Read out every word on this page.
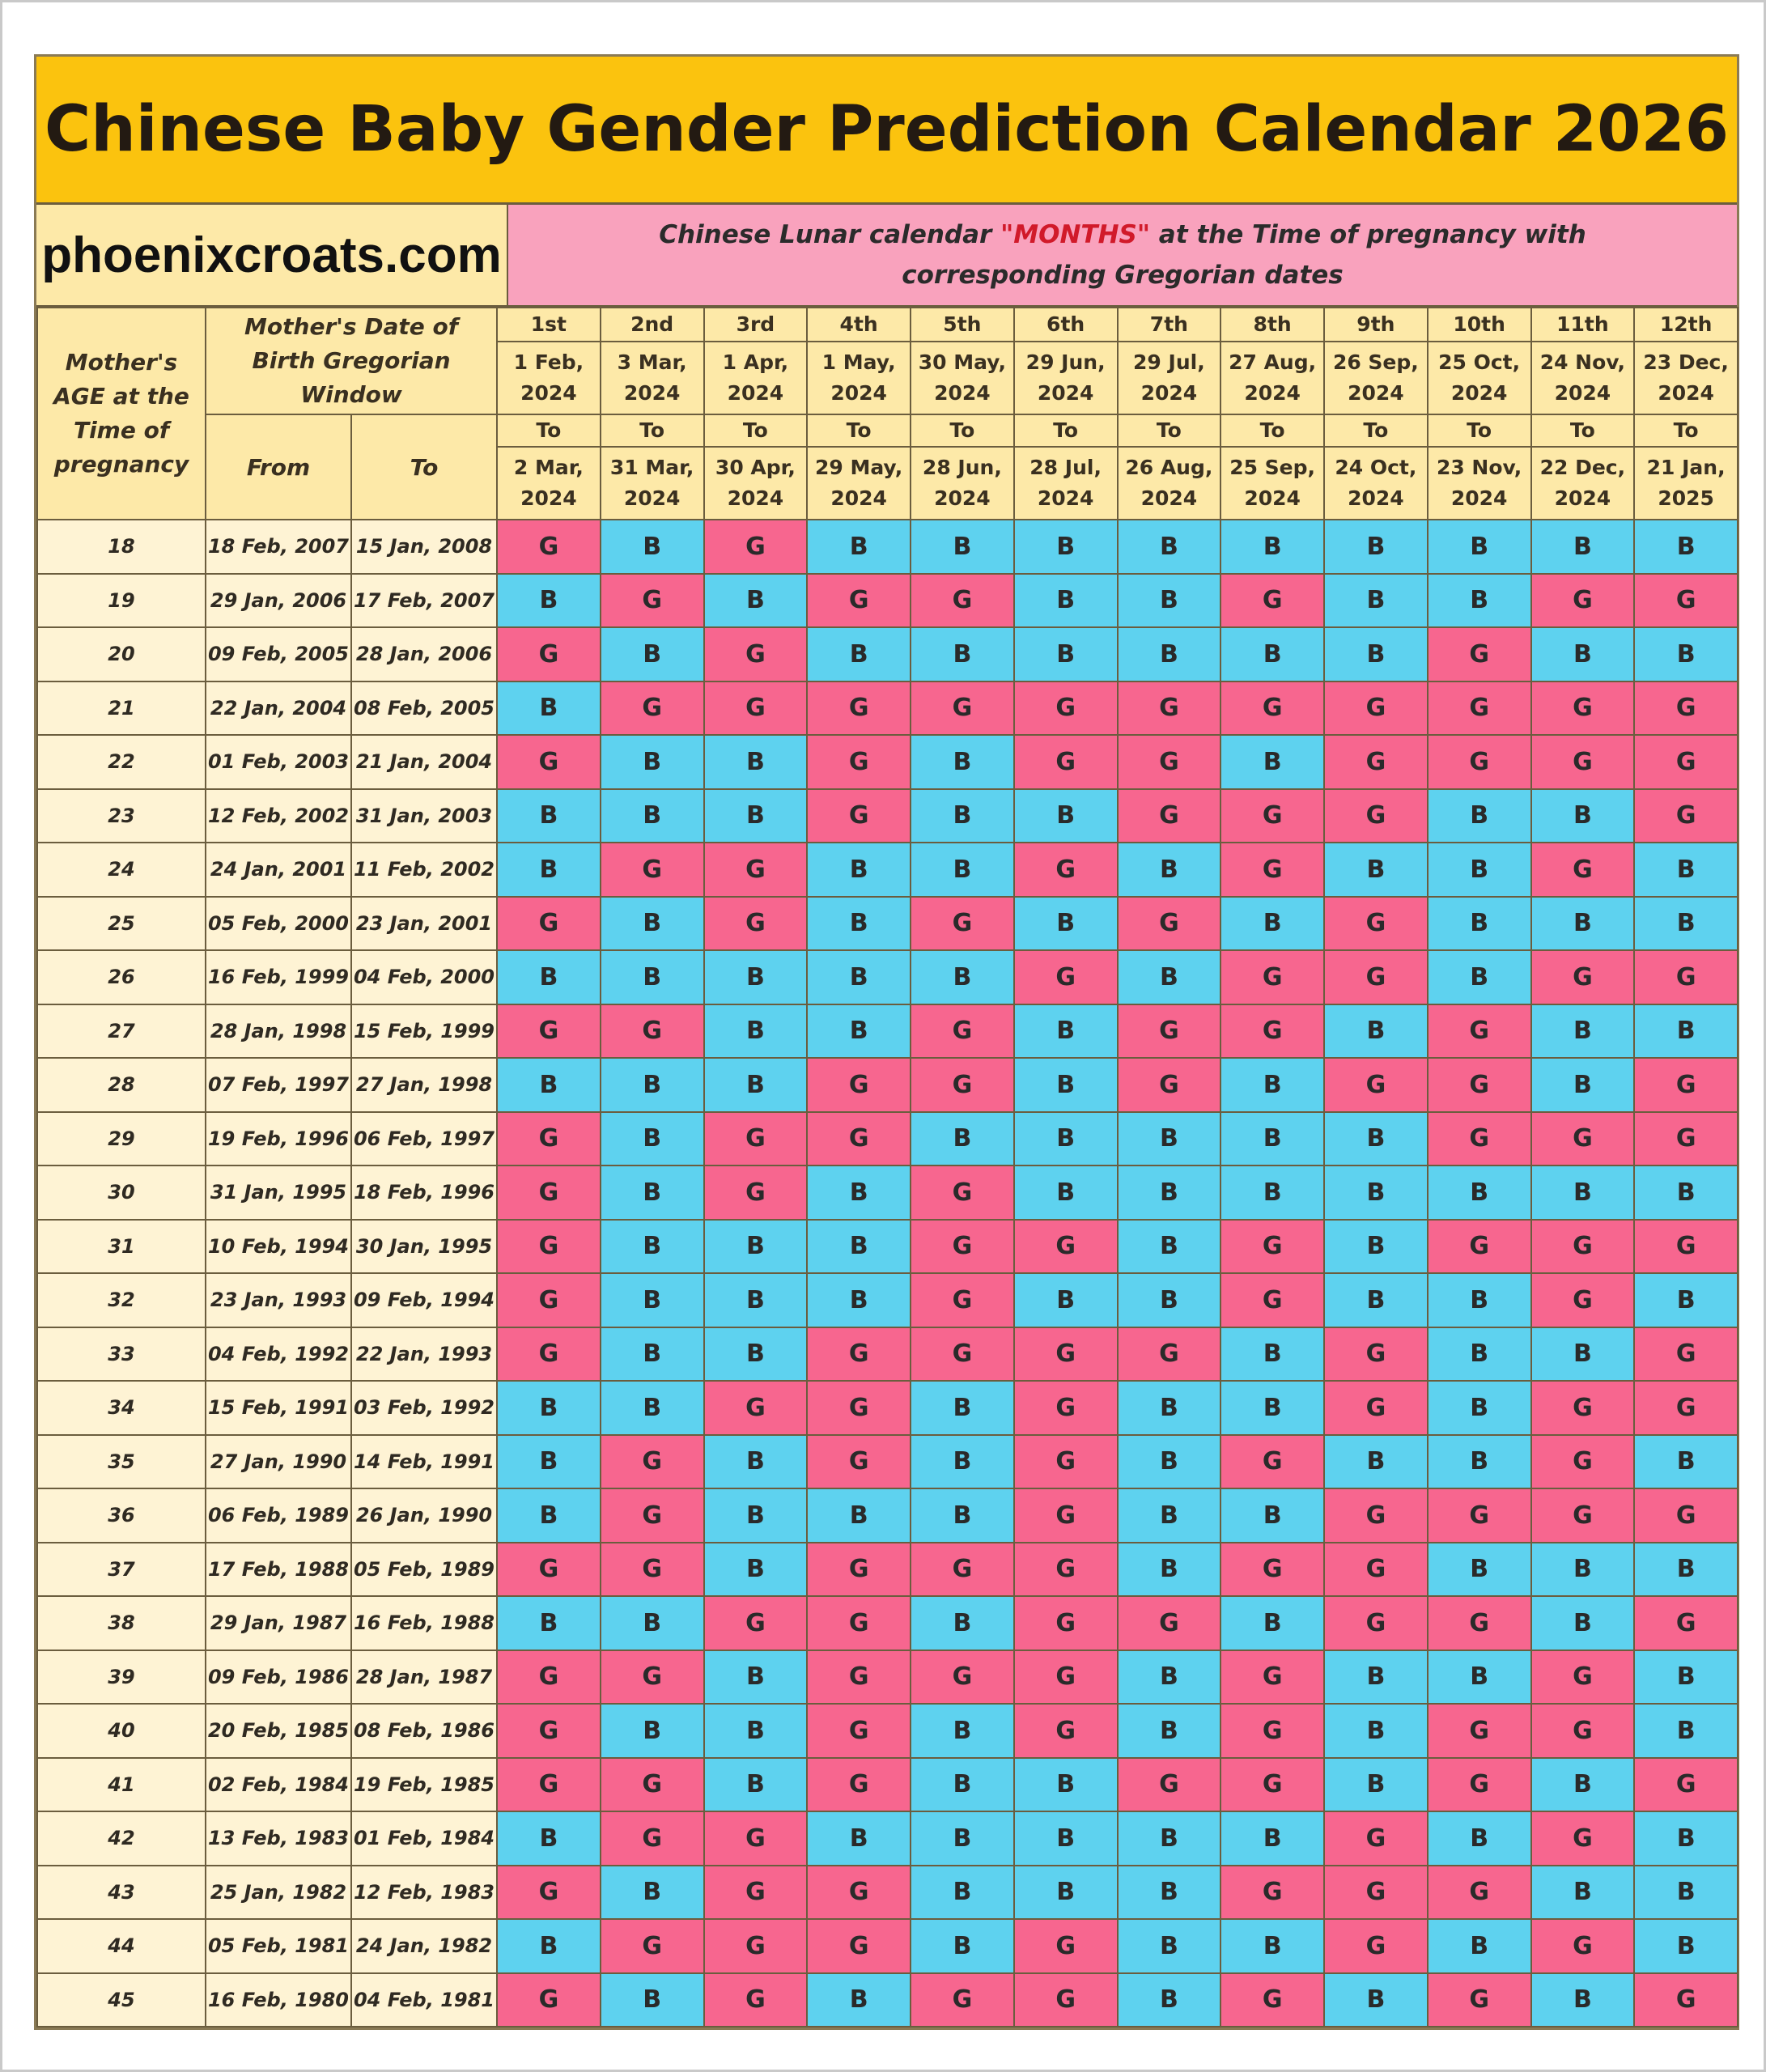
Chinese Baby Gender Prediction Calendar 2026
phoenixcroats.com	Chinese Lunar calendar "MONTHS" at the Time of pregnancy with
corresponding Gregorian dates
Mother's AGE at the Time of pregnancy	Mother's Date of Birth Gregorian Window		1st	2nd	3rd	4th	5th	6th	7th	8th	9th	10th	11th	12th
			1 Feb, 2024	3 Mar, 2024	1 Apr, 2024	1 May, 2024	30 May, 2024	29 Jun, 2024	29 Jul, 2024	27 Aug, 2024	26 Sep, 2024	25 Oct, 2024	24 Nov, 2024	23 Dec, 2024
	From	To	To	To	To	To	To	To	To	To	To	To	To	To
			2 Mar, 2024	31 Mar, 2024	30 Apr, 2024	29 May, 2024	28 Jun, 2024	28 Jul, 2024	26 Aug, 2024	25 Sep, 2024	24 Oct, 2024	23 Nov, 2024	22 Dec, 2024	21 Jan, 2025
18	18 Feb, 2007	15 Jan, 2008	G	B	G	B	B	B	B	B	B	B	B	B
19	29 Jan, 2006	17 Feb, 2007	B	G	B	G	G	B	B	G	B	B	G	G
20	09 Feb, 2005	28 Jan, 2006	G	B	G	B	B	B	B	B	B	G	B	B
21	22 Jan, 2004	08 Feb, 2005	B	G	G	G	G	G	G	G	G	G	G	G
22	01 Feb, 2003	21 Jan, 2004	G	B	B	G	B	G	G	B	G	G	G	G
23	12 Feb, 2002	31 Jan, 2003	B	B	B	G	B	B	G	G	G	B	B	G
24	24 Jan, 2001	11 Feb, 2002	B	G	G	B	B	G	B	G	B	B	G	B
25	05 Feb, 2000	23 Jan, 2001	G	B	G	B	G	B	G	B	G	B	B	B
26	16 Feb, 1999	04 Feb, 2000	B	B	B	B	B	G	B	G	G	B	G	G
27	28 Jan, 1998	15 Feb, 1999	G	G	B	B	G	B	G	G	B	G	B	B
28	07 Feb, 1997	27 Jan, 1998	B	B	B	G	G	B	G	B	G	G	B	G
29	19 Feb, 1996	06 Feb, 1997	G	B	G	G	B	B	B	B	B	G	G	G
30	31 Jan, 1995	18 Feb, 1996	G	B	G	B	G	B	B	B	B	B	B	B
31	10 Feb, 1994	30 Jan, 1995	G	B	B	B	G	G	B	G	B	G	G	G
32	23 Jan, 1993	09 Feb, 1994	G	B	B	B	G	B	B	G	B	B	G	B
33	04 Feb, 1992	22 Jan, 1993	G	B	B	G	G	G	G	B	G	B	B	G
34	15 Feb, 1991	03 Feb, 1992	B	B	G	G	B	G	B	B	G	B	G	G
35	27 Jan, 1990	14 Feb, 1991	B	G	B	G	B	G	B	G	B	B	G	B
36	06 Feb, 1989	26 Jan, 1990	B	G	B	B	B	G	B	B	G	G	G	G
37	17 Feb, 1988	05 Feb, 1989	G	G	B	G	G	G	B	G	G	B	B	B
38	29 Jan, 1987	16 Feb, 1988	B	B	G	G	B	G	G	B	G	G	B	G
39	09 Feb, 1986	28 Jan, 1987	G	G	B	G	G	G	B	G	B	B	G	B
40	20 Feb, 1985	08 Feb, 1986	G	B	B	G	B	G	B	G	B	G	G	B
41	02 Feb, 1984	19 Feb, 1985	G	G	B	G	B	B	G	G	B	G	B	G
42	13 Feb, 1983	01 Feb, 1984	B	G	G	B	B	B	B	B	G	B	G	B
43	25 Jan, 1982	12 Feb, 1983	G	B	G	G	B	B	B	G	G	G	B	B
44	05 Feb, 1981	24 Jan, 1982	B	G	G	G	B	G	B	B	G	B	G	B
45	16 Feb, 1980	04 Feb, 1981	G	B	G	B	G	G	B	G	B	G	B	G
